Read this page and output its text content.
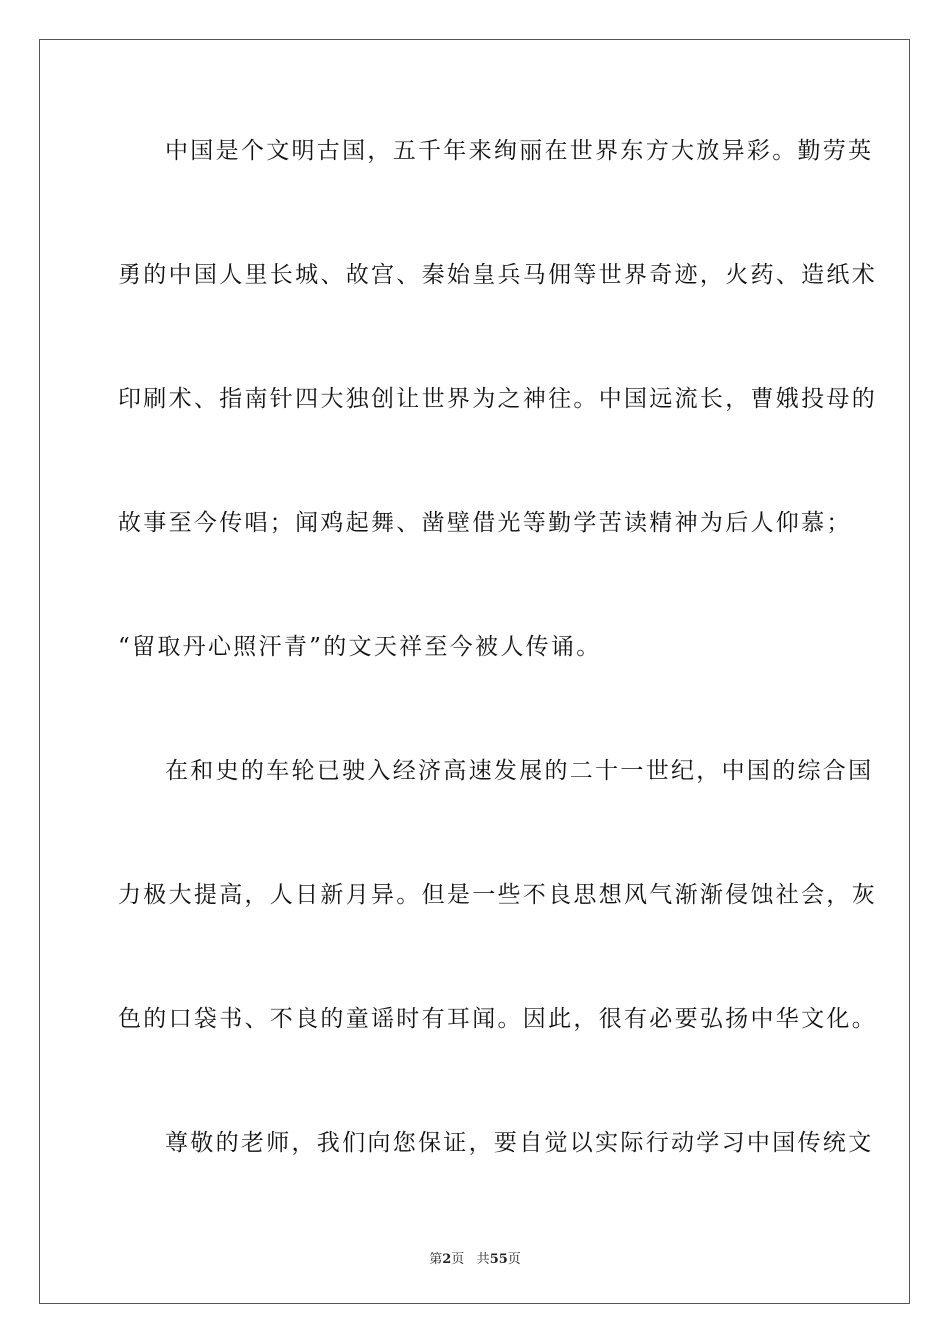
中国是个文明古国，五千年来绚丽在世界东方大放异彩。勤劳英
勇的中国人里长城、故宫、秦始皇兵马佣等世界奇迹，火药、造纸术
印刷术、指南针四大独创让世界为之神往。中国远流长，曹娥投母的
故事至今传唱；闻鸡起舞、凿壁借光等勤学苦读精神为后人仰慕；
“留取丹心照汗青”的文天祥至今被人传诵。
在和史的车轮已驶入经济高速发展的二十一世纪，中国的综合国
力极大提高，人日新月异。但是一些不良思想风气渐渐侵蚀社会，灰
色的口袋书、不良的童谣时有耳闻。因此，很有必要弘扬中华文化。
尊敬的老师，我们向您保证，要自觉以实际行动学习中国传统文
第2页 共55页
